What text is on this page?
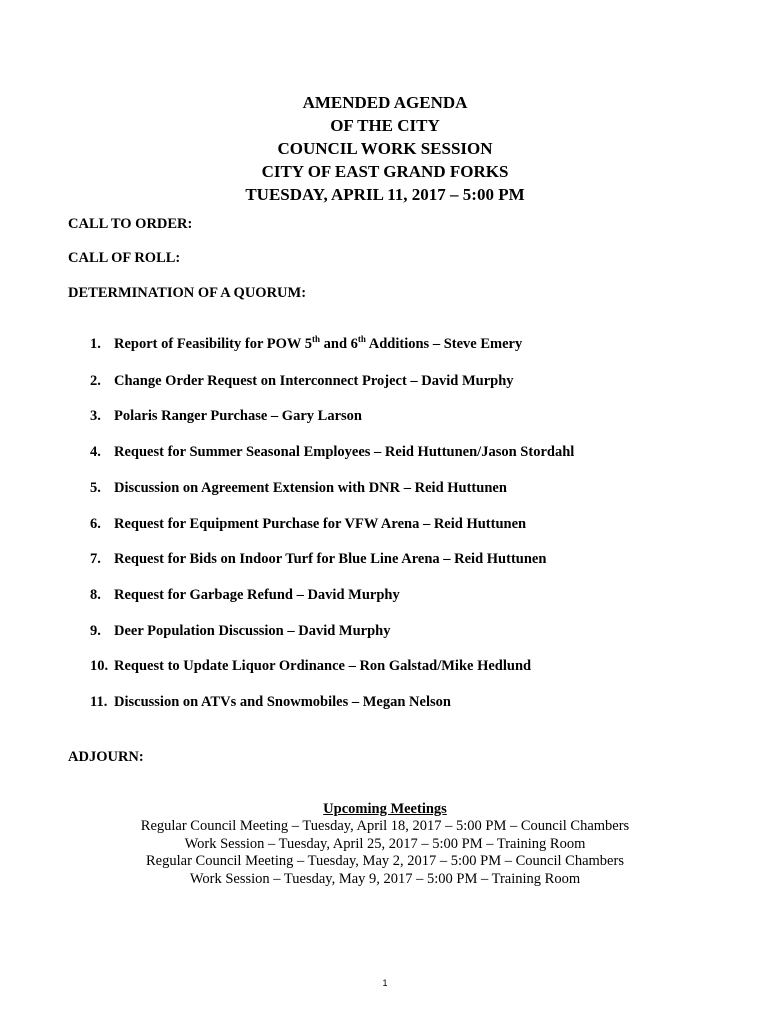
AMENDED AGENDA
OF THE CITY
COUNCIL WORK SESSION
CITY OF EAST GRAND FORKS
TUESDAY, APRIL 11, 2017 – 5:00 PM
CALL TO ORDER:
CALL OF ROLL:
DETERMINATION OF A QUORUM:
1. Report of Feasibility for POW 5th and 6th Additions – Steve Emery
2. Change Order Request on Interconnect Project – David Murphy
3. Polaris Ranger Purchase – Gary Larson
4. Request for Summer Seasonal Employees – Reid Huttunen/Jason Stordahl
5. Discussion on Agreement Extension with DNR – Reid Huttunen
6. Request for Equipment Purchase for VFW Arena – Reid Huttunen
7. Request for Bids on Indoor Turf for Blue Line Arena – Reid Huttunen
8. Request for Garbage Refund – David Murphy
9. Deer Population Discussion – David Murphy
10. Request to Update Liquor Ordinance – Ron Galstad/Mike Hedlund
11. Discussion on ATVs and Snowmobiles – Megan Nelson
ADJOURN:
Upcoming Meetings
Regular Council Meeting – Tuesday, April 18, 2017 – 5:00 PM – Council Chambers
Work Session – Tuesday, April 25, 2017 – 5:00 PM – Training Room
Regular Council Meeting – Tuesday, May 2, 2017 – 5:00 PM – Council Chambers
Work Session – Tuesday, May 9, 2017 – 5:00 PM – Training Room
1
